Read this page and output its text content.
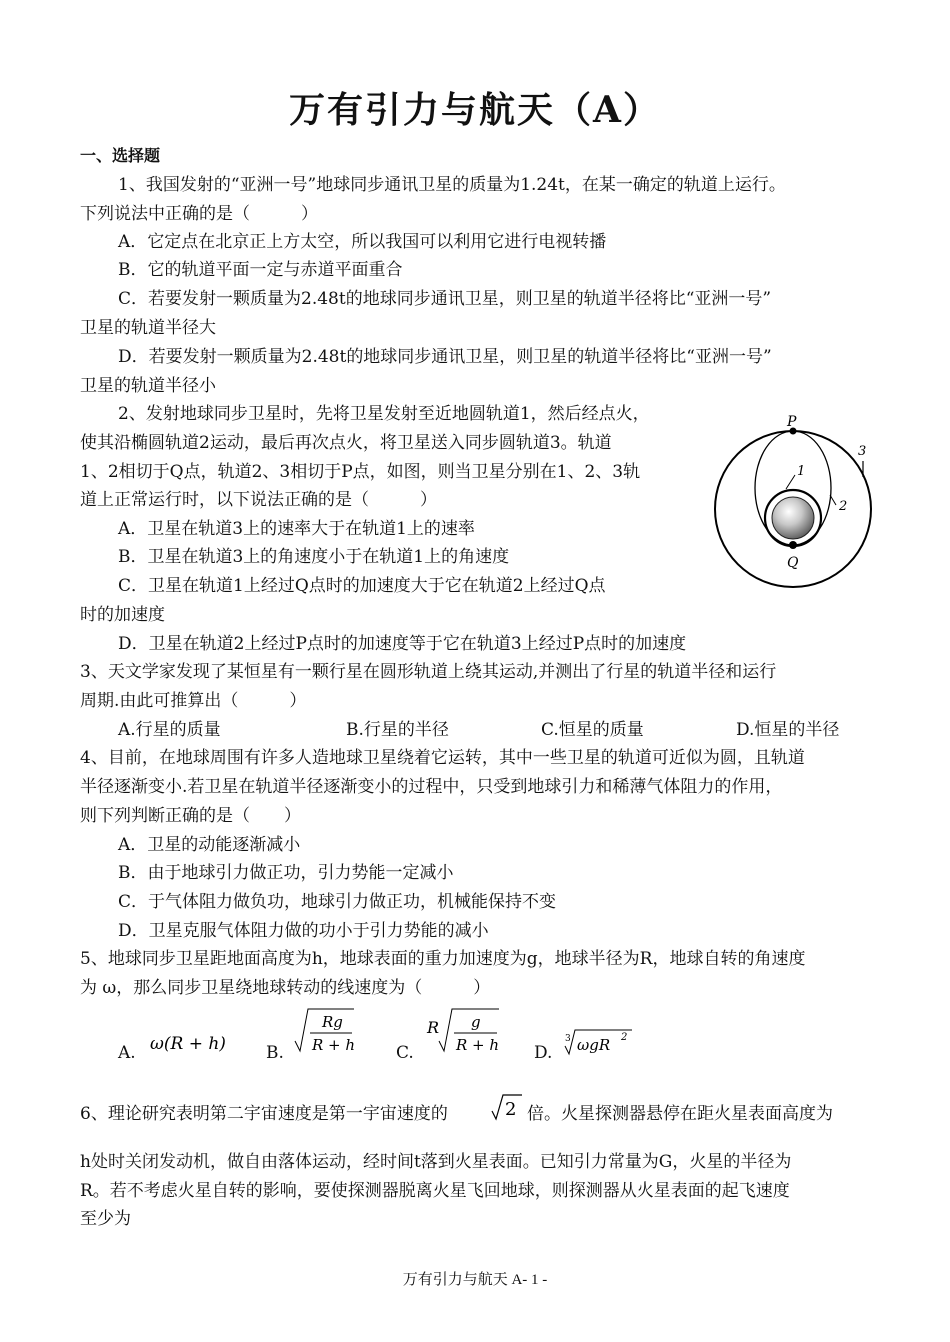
万有引力与航天（A）
一、选择题
1、我国发射的“亚洲一号”地球同步通讯卫星的质量为1.24t，在某一确定的轨道上运行。
下列说法中正确的是（　　　）
A．它定点在北京正上方太空，所以我国可以利用它进行电视转播
B．它的轨道平面一定与赤道平面重合
C．若要发射一颗质量为2.48t的地球同步通讯卫星，则卫星的轨道半径将比“亚洲一号”
卫星的轨道半径大
D．若要发射一颗质量为2.48t的地球同步通讯卫星，则卫星的轨道半径将比“亚洲一号”
卫星的轨道半径小
2、发射地球同步卫星时，先将卫星发射至近地圆轨道1，然后经点火，
使其沿椭圆轨道2运动，最后再次点火，将卫星送入同步圆轨道3。轨道
1、2相切于Q点，轨道2、3相切于P点，如图，则当卫星分别在1、2、3轨
道上正常运行时，以下说法正确的是（　　　）
A．卫星在轨道3上的速率大于在轨道1上的速率
B．卫星在轨道3上的角速度小于在轨道1上的角速度
C．卫星在轨道1上经过Q点时的加速度大于它在轨道2上经过Q点
时的加速度
D．卫星在轨道2上经过P点时的加速度等于它在轨道3上经过P点时的加速度
P
Q
1
2
3
3、天文学家发现了某恒星有一颗行星在圆形轨道上绕其运动,并测出了行星的轨道半径和运行
周期.由此可推算出（　　　）
A.行星的质量	B.行星的半径	C.恒星的质量	D.恒星的半径
4、目前，在地球周围有许多人造地球卫星绕着它运转，其中一些卫星的轨道可近似为圆，且轨道
半径逐渐变小.若卫星在轨道半径逐渐变小的过程中，只受到地球引力和稀薄气体阻力的作用，
则下列判断正确的是（　　）
A．卫星的动能逐渐减小
B．由于地球引力做正功，引力势能一定减小
C．于气体阻力做负功，地球引力做正功，机械能保持不变
D．卫星克服气体阻力做的功小于引力势能的减小
5、地球同步卫星距地面高度为h，地球表面的重力加速度为g，地球半径为R，地球自转的角速度
为 ω，那么同步卫星绕地球转动的线速度为（　　　）
A. ω(R + h) B.
Rg
R + h C.
R g
R + h D.
3 ωgR 2
6、理论研究表明第二宇宙速度是第一宇宙速度的	2 倍。火星探测器悬停在距火星表面高度为
h处时关闭发动机，做自由落体运动，经时间t落到火星表面。已知引力常量为G，火星的半径为
R。若不考虑火星自转的影响，要使探测器脱离火星飞回地球，则探测器从火星表面的起飞速度
至少为
万有引力与航天 A- 1 -
